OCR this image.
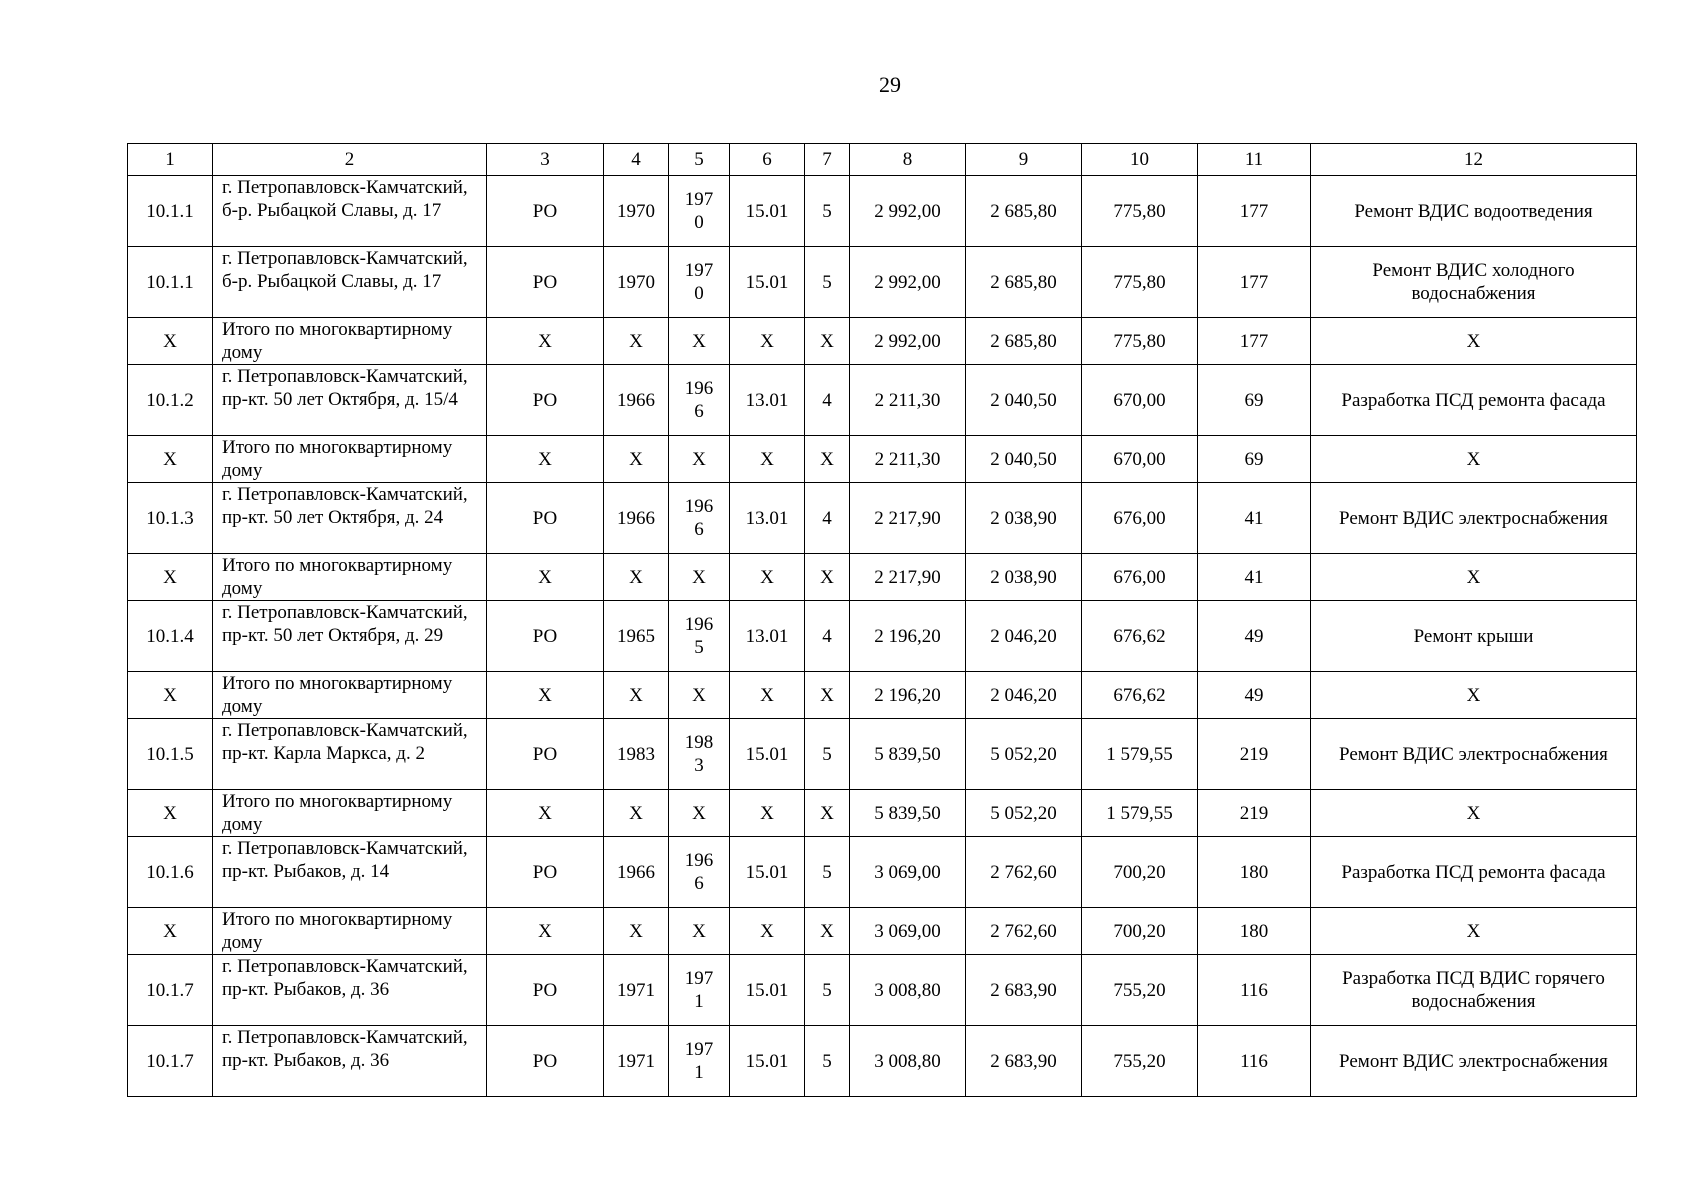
29
1	2	3	4	5	6	7	8	9	10	11	12
10.1.1	г. Петропавловск-Камчатский, б-р. Рыбацкой Славы, д. 17	РО	1970	1970	15.01	5	2 992,00	2 685,80	775,80	177	Ремонт ВДИС водоотведения
10.1.1	г. Петропавловск-Камчатский, б-р. Рыбацкой Славы, д. 17	РО	1970	1970	15.01	5	2 992,00	2 685,80	775,80	177	Ремонт ВДИС холодного водоснабжения
X	Итого по многоквартирному дому	X	X	X	X	X	2 992,00	2 685,80	775,80	177	X
10.1.2	г. Петропавловск-Камчатский, пр-кт. 50 лет Октября, д. 15/4	РО	1966	1966	13.01	4	2 211,30	2 040,50	670,00	69	Разработка ПСД ремонта фасада
X	Итого по многоквартирному дому	X	X	X	X	X	2 211,30	2 040,50	670,00	69	X
10.1.3	г. Петропавловск-Камчатский, пр-кт. 50 лет Октября, д. 24	РО	1966	1966	13.01	4	2 217,90	2 038,90	676,00	41	Ремонт ВДИС электроснабжения
X	Итого по многоквартирному дому	X	X	X	X	X	2 217,90	2 038,90	676,00	41	X
10.1.4	г. Петропавловск-Камчатский, пр-кт. 50 лет Октября, д. 29	РО	1965	1965	13.01	4	2 196,20	2 046,20	676,62	49	Ремонт крыши
X	Итого по многоквартирному дому	X	X	X	X	X	2 196,20	2 046,20	676,62	49	X
10.1.5	г. Петропавловск-Камчатский, пр-кт. Карла Маркса, д. 2	РО	1983	1983	15.01	5	5 839,50	5 052,20	1 579,55	219	Ремонт ВДИС электроснабжения
X	Итого по многоквартирному дому	X	X	X	X	X	5 839,50	5 052,20	1 579,55	219	X
10.1.6	г. Петропавловск-Камчатский, пр-кт. Рыбаков, д. 14	РО	1966	1966	15.01	5	3 069,00	2 762,60	700,20	180	Разработка ПСД ремонта фасада
X	Итого по многоквартирному дому	X	X	X	X	X	3 069,00	2 762,60	700,20	180	X
10.1.7	г. Петропавловск-Камчатский, пр-кт. Рыбаков, д. 36	РО	1971	1971	15.01	5	3 008,80	2 683,90	755,20	116	Разработка ПСД ВДИС горячего водоснабжения
10.1.7	г. Петропавловск-Камчатский, пр-кт. Рыбаков, д. 36	РО	1971	1971	15.01	5	3 008,80	2 683,90	755,20	116	Ремонт ВДИС электроснабжения
